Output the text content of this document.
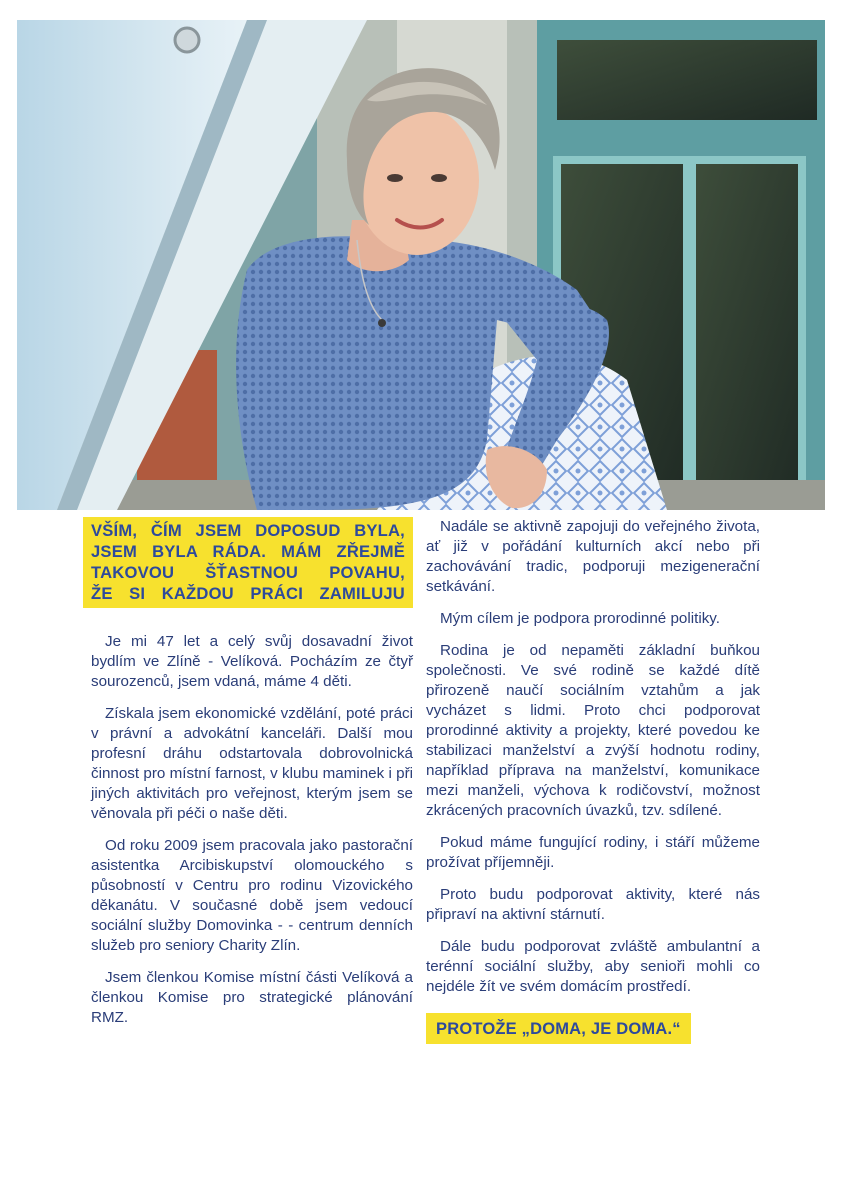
VŠÍM, ČÍM JSEM DOPOSUD BYLA,
JSEM BYLA RÁDA. MÁM ZŘEJMĚ
TAKOVOU ŠŤASTNOU POVAHU,
ŽE SI KAŽDOU PRÁCI ZAMILUJU

Je mi 47 let a celý svůj dosavadní život bydlím ve Zlíně - Velíková. Pocházím ze čtyř sourozenců, jsem vdaná, máme 4 děti.

Získala jsem ekonomické vzdělání, poté práci v právní a advokátní kanceláři. Další mou profesní dráhu odstartovala dobrovolnická činnost pro místní farnost, v klubu maminek i při jiných aktivitách pro veřejnost, kterým jsem se věnovala při péči o naše děti.

Od roku 2009 jsem pracovala jako pastorační asistentka Arcibiskupství olomouckého s působností v Centru pro rodinu Vizovického děkanátu. V současné době jsem vedoucí sociální služby Domovinka - - centrum denních služeb pro seniory Charity Zlín.

Jsem členkou Komise místní části Velíková a členkou Komise pro strategické plánování RMZ.

Nadále se aktivně zapojuji do veřejného života, ať již v pořádání kulturních akcí nebo při zachovávání tradic, podporuji mezigenerační setkávání.

Mým cílem je podpora prorodinné politiky.

Rodina je od nepaměti základní buňkou společnosti. Ve své rodině se každé dítě přirozeně naučí sociálním vztahům a jak vycházet s lidmi. Proto chci podporovat prorodinné aktivity a projekty, které povedou ke stabilizaci manželství a zvýší hodnotu rodiny, například příprava na manželství, komunikace mezi manželi, výchova k rodičovství, možnost zkrácených pracovních úvazků, tzv. sdílené.

Pokud máme fungující rodiny, i stáří můžeme prožívat příjemněji.

Proto budu podporovat aktivity, které nás připraví na aktivní stárnutí.

Dále budu podporovat zvláště ambulantní a terénní sociální služby, aby senioři mohli co nejdéle žít ve svém domácím prostředí.

PROTOŽE „DOMA, JE DOMA.“
